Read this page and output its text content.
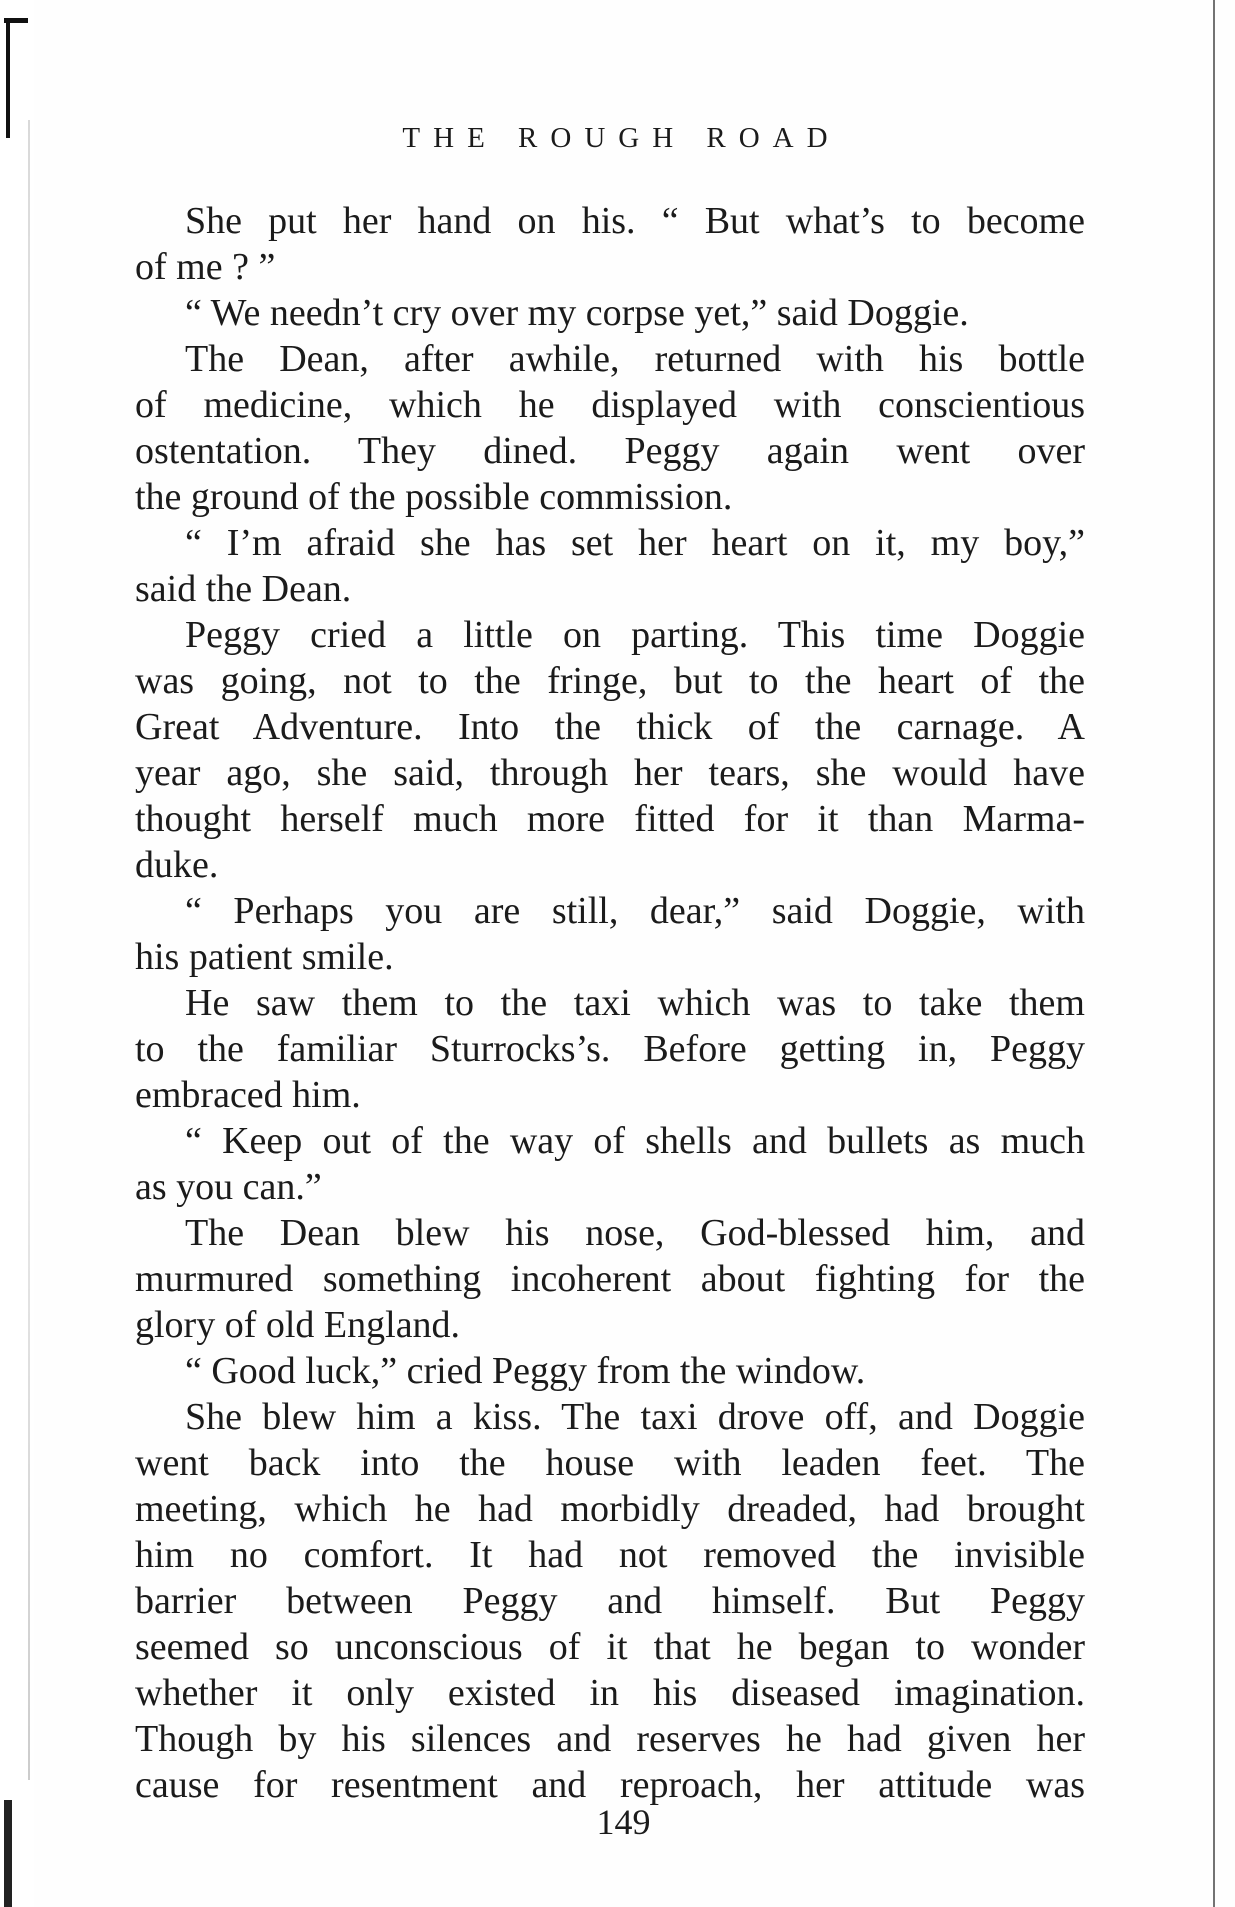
THE ROUGH ROAD
She put her hand on his. “ But what’s to become
of me ? ”
“ We needn’t cry over my corpse yet,” said Doggie.
The Dean, after awhile, returned with his bottle
of medicine, which he displayed with conscientious
ostentation. They dined. Peggy again went over
the ground of the possible commission.
“ I’m afraid she has set her heart on it, my boy,”
said the Dean.
Peggy cried a little on parting. This time Doggie
was going, not to the fringe, but to the heart of the
Great Adventure. Into the thick of the carnage. A
year ago, she said, through her tears, she would have
thought herself much more fitted for it than Marma-
duke.
“ Perhaps you are still, dear,” said Doggie, with
his patient smile.
He saw them to the taxi which was to take them
to the familiar Sturrocks’s. Before getting in, Peggy
embraced him.
“ Keep out of the way of shells and bullets as much
as you can.”
The Dean blew his nose, God-blessed him, and
murmured something incoherent about fighting for the
glory of old England.
“ Good luck,” cried Peggy from the window.
She blew him a kiss. The taxi drove off, and Doggie
went back into the house with leaden feet. The
meeting, which he had morbidly dreaded, had brought
him no comfort. It had not removed the invisible
barrier between Peggy and himself. But Peggy
seemed so unconscious of it that he began to wonder
whether it only existed in his diseased imagination.
Though by his silences and reserves he had given her
cause for resentment and reproach, her attitude was
149
